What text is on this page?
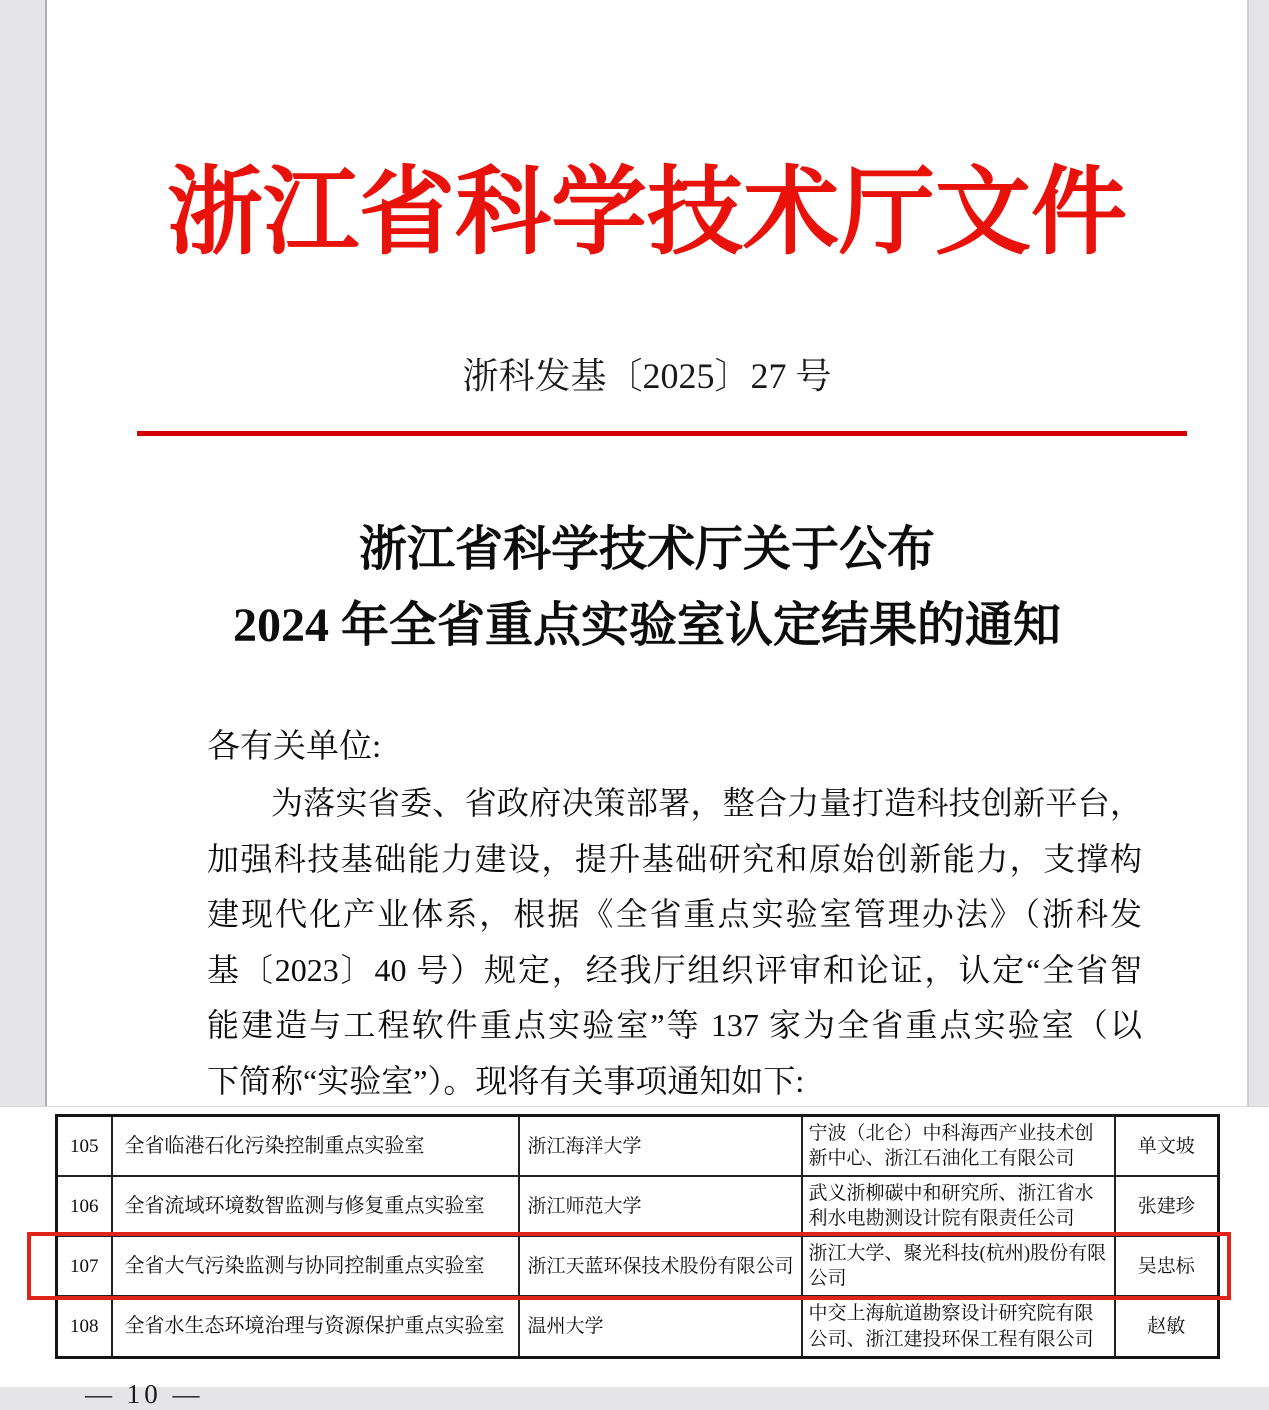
浙江省科学技术厅文件
浙科发基〔2025〕27 号
浙江省科学技术厅关于公布
2024 年全省重点实验室认定结果的通知

各有关单位:

为落实省委、省政府决策部署，整合力量打造科技创新平台，
加强科技基础能力建设，提升基础研究和原始创新能力，支撑构
建现代化产业体系，根据《全省重点实验室管理办法》（浙科发
基〔2023〕40 号）规定，经我厅组织评审和论证，认定“全省智
能建造与工程软件重点实验室”等 137 家为全省重点实验室（以
下简称“实验室”）。现将有关事项通知如下:
105	全省临港石化污染控制重点实验室	浙江海洋大学	宁波（北仑）中科海西产业技术创新中心、浙江石油化工有限公司	单文坡
106	全省流域环境数智监测与修复重点实验室	浙江师范大学	武义浙柳碳中和研究所、浙江省水利水电勘测设计院有限责任公司	张建珍
107	全省大气污染监测与协同控制重点实验室	浙江天蓝环保技术股份有限公司	浙江大学、聚光科技(杭州)股份有限公司	吴忠标
108	全省水生态环境治理与资源保护重点实验室	温州大学	中交上海航道勘察设计研究院有限公司、浙江建投环保工程有限公司	赵敏
— 10 —
